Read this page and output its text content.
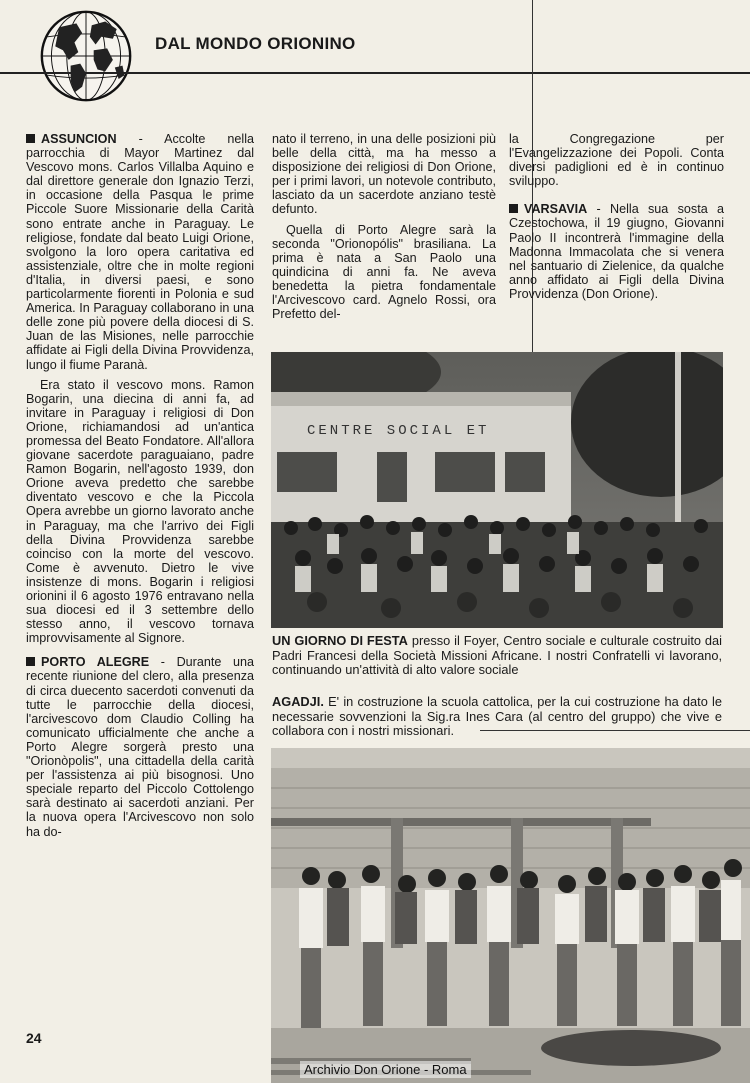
DAL MONDO ORIONINO

ASSUNCION - Accolte nella parrocchia di Mayor Martinez dal Vescovo mons. Carlos Villalba Aquino e dal direttore generale don Ignazio Terzi, in occasione della Pasqua le prime Piccole Suore Missionarie della Carità sono entrate anche in Paraguay. Le religiose, fondate dal beato Luigi Orione, svolgono la loro opera caritativa ed assistenziale, oltre che in molte regioni d'Italia, in diversi paesi, e sono particolarmente fiorenti in Polonia e sud America. In Paraguay collaborano in una delle zone più povere della diocesi di S. Juan de las Misiones, nelle parrocchie affidate ai Figli della Divina Provvidenza, lungo il fiume Paranà.

Era stato il vescovo mons. Ramon Bogarin, una diecina di anni fa, ad invitare in Paraguay i religiosi di Don Orione, richiamandosi ad un'antica promessa del Beato Fondatore. All'allora giovane sacerdote paraguaiano, padre Ramon Bogarin, nell'agosto 1939, don Orione aveva predetto che sarebbe diventato vescovo e che la Piccola Opera avrebbe un giorno lavorato anche in Paraguay, ma che l'arrivo dei Figli della Divina Provvidenza sarebbe coinciso con la morte del vescovo. Come è avvenuto. Dietro le vive insistenze di mons. Bogarin i religiosi orionini il 6 agosto 1976 entravano nella sua diocesi ed il 3 settembre dello stesso anno, il vescovo tornava improvvisamente al Signore.

PORTO ALEGRE - Durante una recente riunione del clero, alla presenza di circa duecento sacerdoti convenuti da tutte le parrocchie della diocesi, l'arcivescovo dom Claudio Colling ha comunicato ufficialmente che anche a Porto Alegre sorgerà presto una "Orionòpolis", una cittadella della carità per l'assistenza ai più bisognosi. Uno speciale reparto del Piccolo Cottolengo sarà destinato ai sacerdoti anziani. Per la nuova opera l'Arcivescovo non solo ha do-

nato il terreno, in una delle posizioni più belle della città, ma ha messo a disposizione dei religiosi di Don Orione, per i primi lavori, un notevole contributo, lasciato da un sacerdote anziano testè defunto.

Quella di Porto Alegre sarà la seconda "Orionopólis" brasiliana. La prima è nata a San Paolo una quindicina di anni fa. Ne aveva benedetta la pietra fondamentale l'Arcivescovo card. Agnelo Rossi, ora Prefetto del-

la Congregazione per l'Evangelizzazione dei Popoli. Conta diversi padiglioni ed è in continuo sviluppo.

VARSAVIA - Nella sua sosta a Czestochowa, il 19 giugno, Giovanni Paolo II incontrerà l'immagine della Madonna Immacolata che si venera nel santuario di Zielenice, da qualche anno affidato ai Figli della Divina Provvidenza (Don Orione).

CENTRE SOCIAL ET
UN GIORNO DI FESTA presso il Foyer, Centro sociale e culturale costruito dai Padri Francesi della Società Missioni Africane. I nostri Confratelli vi lavorano, continuando un'attività di alto valore sociale
AGADJI. E' in costruzione la scuola cattolica, per la cui costruzione ha dato le necessarie sovvenzioni la Sig.ra Ines Cara (al centro del gruppo) che vive e collabora con i nostri missionari.
24
Archivio Don Orione - Roma
